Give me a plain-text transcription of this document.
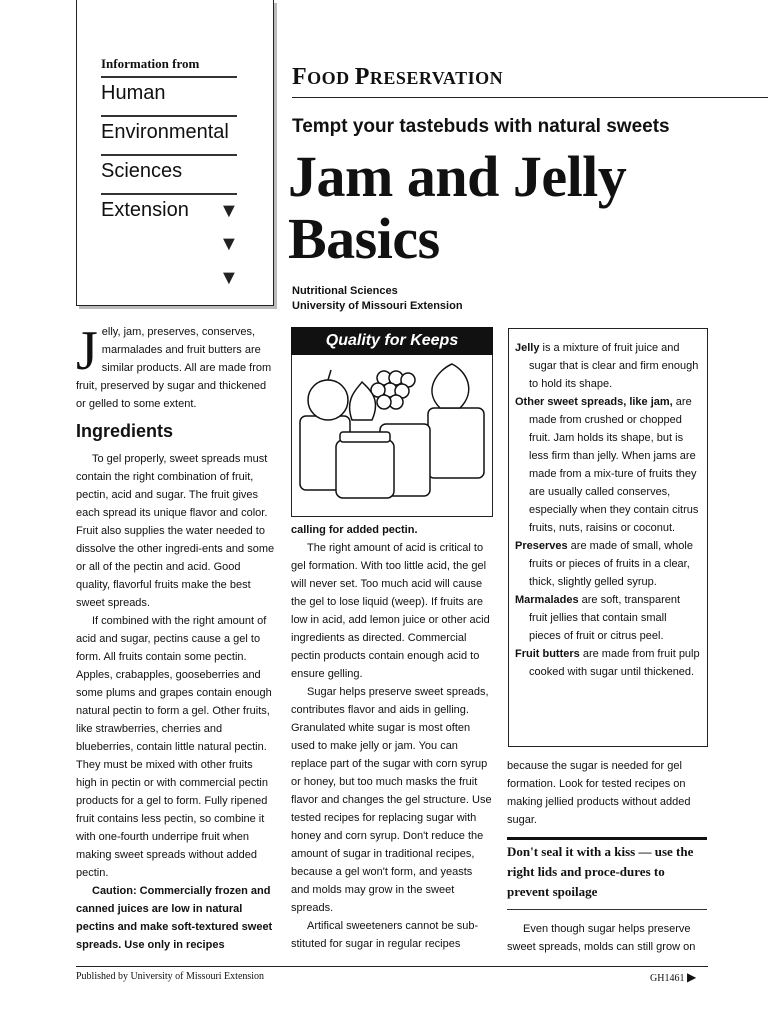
Information from
Human
Environmental
Sciences
Extension	▼
▼
▼
FOOD PRESERVATION
Tempt your tastebuds with natural sweets
Jam and Jelly
Basics
Nutritional Sciences
University of Missouri Extension

Jelly, jam, preserves, conserves, marmalades and fruit butters are similar products. All are made from fruit, preserved by sugar and thickened or gelled to some extent.

Ingredients

To gel properly, sweet spreads must contain the right combination of fruit, pectin, acid and sugar. The fruit gives each spread its unique flavor and color. Fruit also supplies the water needed to dissolve the other ingredi-ents and some or all of the pectin and acid. Good quality, flavorful fruits make the best sweet spreads.

If combined with the right amount of acid and sugar, pectins cause a gel to form. All fruits contain some pectin. Apples, crabapples, gooseberries and some plums and grapes contain enough natural pectin to form a gel. Other fruits, like strawberries, cherries and blueberries, contain little natural pectin. They must be mixed with other fruits high in pectin or with commercial pectin products for a gel to form. Fully ripened fruit contains less pectin, so combine it with one-fourth underripe fruit when making sweet spreads without added pectin.

Caution: Commercially frozen and canned juices are low in natural pectins and make soft-textured sweet spreads. Use only in recipes

Quality for Keeps

calling for added pectin.

The right amount of acid is critical to gel formation. With too little acid, the gel will never set. Too much acid will cause the gel to lose liquid (weep). If fruits are low in acid, add lemon juice or other acid ingredients as directed. Commercial pectin products contain enough acid to ensure gelling.

Sugar helps preserve sweet spreads, contributes flavor and aids in gelling. Granulated white sugar is most often used to make jelly or jam. You can replace part of the sugar with corn syrup or honey, but too much masks the fruit flavor and changes the gel structure. Use tested recipes for replacing sugar with honey and corn syrup. Don't reduce the amount of sugar in traditional recipes, because a gel won't form, and yeasts and molds may grow in the sweet spreads.

Artifical sweeteners cannot be sub-stituted for sugar in regular recipes

Jelly is a mixture of fruit juice and sugar that is clear and firm enough to hold its shape.

Other sweet spreads, like jam, are made from crushed or chopped fruit. Jam holds its shape, but is less firm than jelly. When jams are made from a mix-ture of fruits they are usually called conserves, especially when they contain citrus fruits, nuts, raisins or coconut.

Preserves are made of small, whole fruits or pieces of fruits in a clear, thick, slightly gelled syrup.

Marmalades are soft, transparent fruit jellies that contain small pieces of fruit or citrus peel.

Fruit butters are made from fruit pulp cooked with sugar until thickened.

because the sugar is needed for gel formation. Look for tested recipes on making jellied products without added sugar.
Don't seal it with a kiss — use the right lids and proce-dures to prevent spoilage

Even though sugar helps preserve sweet spreads, molds can still grow on

Published by University of Missouri Extension	GH1461 ▶
